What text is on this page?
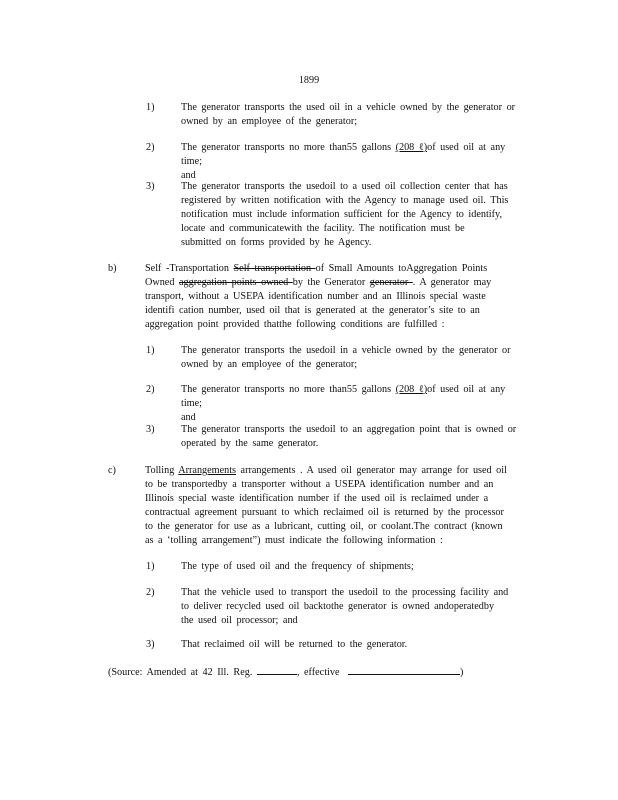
1899
1)	The generator transports the used oil in a vehicle owned by the generator or
owned by an employee of the generator;
2)	The generator transports no more than55 gallons (208 ℓ)of used oil at any
time; and
3)	The generator transports the usedoil to a used oil collection center that has
registered by written notification with the Agency to manage used oil. This
notification must include information sufficient for the Agency to identify,
locate and communicatewith the facility. The notification must be
submitted on forms provided by he Agency.
b)	Self -Transportation Self transportation of Small Amounts toAggregation Points
Owned aggregation points owned by the Generator generator . A generator may
transport, without a USEPA identification number and an Illinois special waste
identifi cation number, used oil that is generated at the generator’s site to an
aggregation point provided thatthe following conditions are fulfilled :
1)	The generator transports the usedoil in a vehicle owned by the generator or
owned by an employee of the generator;
2)	The generator transports no more than55 gallons (208 ℓ)of used oil at any
time; and
3)	The generator transports the usedoil to an aggregation point that is owned or
operated by the same generator.
c)	Tolling Arrangements arrangements . A used oil generator may arrange for used oil
to be transportedby a transporter without a USEPA identification number and an
Illinois special waste identification number if the used oil is reclaimed under a
contractual agreement pursuant to which reclaimed oil is returned by the processor
to the generator for use as a lubricant, cutting oil, or coolant.The contract (known
as a ‘tolling arrangement”) must indicate the following information :
1)	The type of used oil and the frequency of shipments;
2)	That the vehicle used to transport the usedoil to the processing facility and
to deliver recycled used oil backtothe generator is owned andoperatedby
the used oil processor; and
3)	That reclaimed oil will be returned to the generator.
(Source: Amended at 42 Ill. Reg.	, effective	)
